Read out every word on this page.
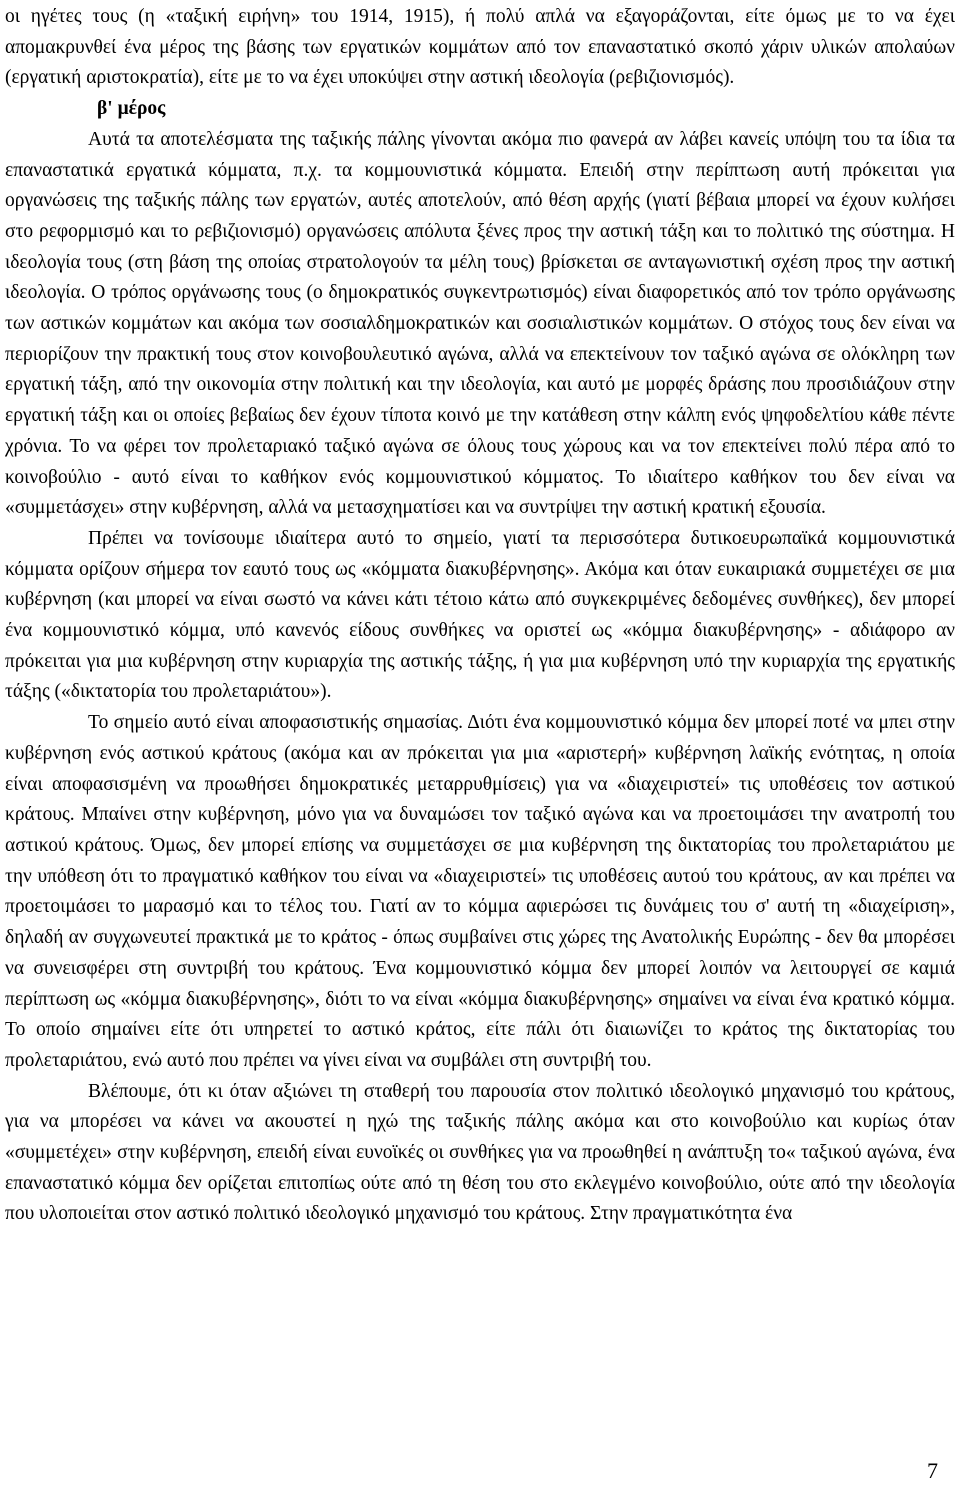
οι ηγέτες τους (η «ταξική ειρήνη» του 1914, 1915), ή πολύ απλά να εξαγοράζονται, είτε όμως με το να έχει απομακρυνθεί ένα μέρος της βάσης των εργατικών κομμάτων από τον επαναστατικό σκοπό χάριν υλικών απολαύων (εργατική αριστοκρατία), είτε με το να έχει υποκύψει στην αστική ιδεολογία (ρεβιζιονισμός).

β' μέρος

Αυτά τα αποτελέσματα της ταξικής πάλης γίνονται ακόμα πιο φανερά αν λάβει κανείς υπόψη του τα ίδια τα επαναστατικά εργατικά κόμματα, π.χ. τα κομμουνιστικά κόμματα. Επειδή στην περίπτωση αυτή πρόκειται για οργανώσεις της ταξικής πάλης των εργατών, αυτές αποτελούν, από θέση αρχής (γιατί βέβαια μπορεί να έχουν κυλήσει στο ρεφορμισμό και το ρεβιζιονισμό) οργανώσεις απόλυτα ξένες προς την αστική τάξη και το πολιτικό της σύστημα. Η ιδεολογία τους (στη βάση της οποίας στρατολογούν τα μέλη τους) βρίσκεται σε ανταγωνιστική σχέση προς την αστική ιδεολογία. Ο τρόπος οργάνωσης τους (ο δημοκρατικός συγκεντρωτισμός) είναι διαφορετικός από τον τρόπο οργάνωσης των αστικών κομμάτων και ακόμα των σοσιαλδημοκρατικών και σοσιαλιστικών κομμάτων. Ο στόχος τους δεν είναι να περιορίζουν την πρακτική τους στον κοινοβουλευτικό αγώνα, αλλά να επεκτείνουν τον ταξικό αγώνα σε ολόκληρη των εργατική τάξη, από την οικονομία στην πολιτική και την ιδεολογία, και αυτό με μορφές δράσης που προσιδιάζουν στην εργατική τάξη και οι οποίες βεβαίως δεν έχουν τίποτα κοινό με την κατάθεση στην κάλπη ενός ψηφοδελτίου κάθε πέντε χρόνια. Το να φέρει τον προλεταριακό ταξικό αγώνα σε όλους τους χώρους και να τον επεκτείνει πολύ πέρα από το κοινοβούλιο - αυτό είναι το καθήκον ενός κομμουνιστικού κόμματος. Το ιδιαίτερο καθήκον του δεν είναι να «συμμετάσχει» στην κυβέρνηση, αλλά να μετασχηματίσει και να συντρίψει την αστική κρατική εξουσία.

Πρέπει να τονίσουμε ιδιαίτερα αυτό το σημείο, γιατί τα περισσότερα δυτικοευρωπαϊκά κομμουνιστικά κόμματα ορίζουν σήμερα τον εαυτό τους ως «κόμματα διακυβέρνησης». Ακόμα και όταν ευκαιριακά συμμετέχει σε μια κυβέρνηση (και μπορεί να είναι σωστό να κάνει κάτι τέτοιο κάτω από συγκεκριμένες δεδομένες συνθήκες), δεν μπορεί ένα κομμουνιστικό κόμμα, υπό κανενός είδους συνθήκες να οριστεί ως «κόμμα διακυβέρνησης» - αδιάφορο αν πρόκειται για μια κυβέρνηση στην κυριαρχία της αστικής τάξης, ή για μια κυβέρνηση υπό την κυριαρχία της εργατικής τάξης («δικτατορία του προλεταριάτου»).

Το σημείο αυτό είναι αποφασιστικής σημασίας. Διότι ένα κομμουνιστικό κόμμα δεν μπορεί ποτέ να μπει στην κυβέρνηση ενός αστικού κράτους (ακόμα και αν πρόκειται για μια «αριστερή» κυβέρνηση λαϊκής ενότητας, η οποία είναι αποφασισμένη να προωθήσει δημοκρατικές μεταρρυθμίσεις) για να «διαχειριστεί» τις υποθέσεις τον αστικού κράτους. Μπαίνει στην κυβέρνηση, μόνο για να δυναμώσει τον ταξικό αγώνα και να προετοιμάσει την ανατροπή του αστικού κράτους. Όμως, δεν μπορεί επίσης να συμμετάσχει σε μια κυβέρνηση της δικτατορίας του προλεταριάτου με την υπόθεση ότι το πραγματικό καθήκον του είναι να «διαχειριστεί» τις υποθέσεις αυτού του κράτους, αν και πρέπει να προετοιμάσει το μαρασμό και το τέλος του. Γιατί αν το κόμμα αφιερώσει τις δυνάμεις του σ' αυτή τη «διαχείριση», δηλαδή αν συγχωνευτεί πρακτικά με το κράτος - όπως συμβαίνει στις χώρες της Ανατολικής Ευρώπης - δεν θα μπορέσει να συνεισφέρει στη συντριβή του κράτους. Ένα κομμουνιστικό κόμμα δεν μπορεί λοιπόν να λειτουργεί σε καμιά περίπτωση ως «κόμμα διακυβέρνησης», διότι το να είναι «κόμμα διακυβέρνησης» σημαίνει να είναι ένα κρατικό κόμμα. Το οποίο σημαίνει είτε ότι υπηρετεί το αστικό κράτος, είτε πάλι ότι διαιωνίζει το κράτος της δικτατορίας του προλεταριάτου, ενώ αυτό που πρέπει να γίνει είναι να συμβάλει στη συντριβή του.

Βλέπουμε, ότι κι όταν αξιώνει τη σταθερή του παρουσία στον πολιτικό ιδεολογικό μηχανισμό του κράτους, για να μπορέσει να κάνει να ακουστεί η ηχώ της ταξικής πάλης ακόμα και στο κοινοβούλιο και κυρίως όταν «συμμετέχει» στην κυβέρνηση, επειδή είναι ευνοϊκές οι συνθήκες για να προωθηθεί η ανάπτυξη το« ταξικού αγώνα, ένα επαναστατικό κόμμα δεν ορίζεται επιτοπίως ούτε από τη θέση του στο εκλεγμένο κοινοβούλιο, ούτε από την ιδεολογία που υλοποιείται στον αστικό πολιτικό ιδεολογικό μηχανισμό του κράτους. Στην πραγματικότητα ένα

7
